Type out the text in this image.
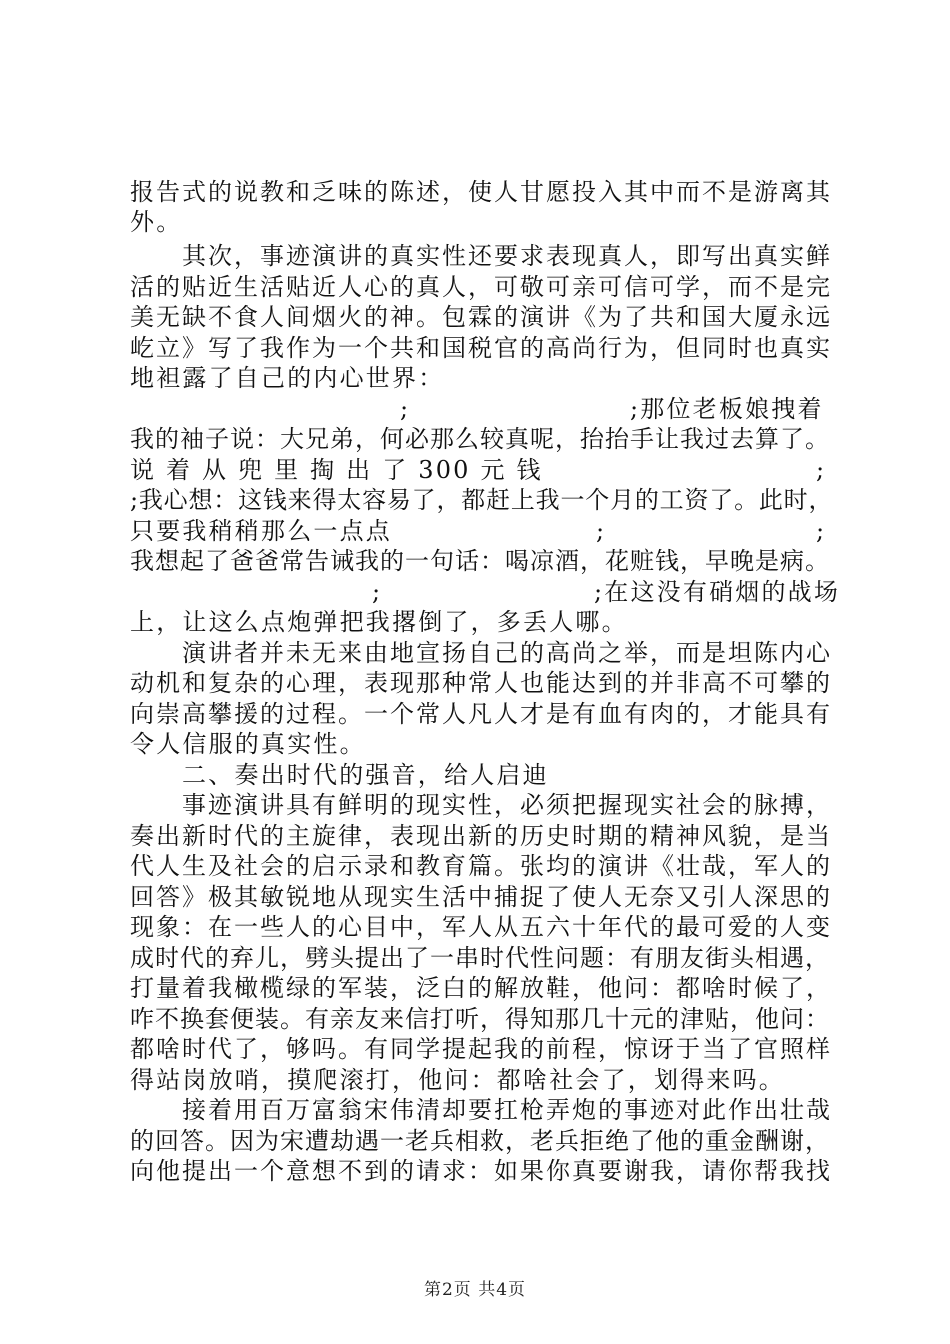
报告式的说教和乏味的陈述，使人甘愿投入其中而不是游离其
外。
其次，事迹演讲的真实性还要求表现真人，即写出真实鲜
活的贴近生活贴近人心的真人，可敬可亲可信可学，而不是完
美无缺不食人间烟火的神。包霖的演讲《为了共和国大厦永远
屹立》写了我作为一个共和国税官的高尚行为，但同时也真实
地袒露了自己的内心世界：
;	;那位老板娘拽着
我的袖子说：大兄弟，何必那么较真呢，抬抬手让我过去算了。
说 着 从 兜 里 掏 出 了 300 元 钱	;
;我心想：这钱来得太容易了，都赶上我一个月的工资了。此时，
只要我稍稍那么一点点	;	;
我想起了爸爸常告诫我的一句话：喝凉酒，花赃钱，早晚是病。
;	;在这没有硝烟的战场
上，让这么点炮弹把我撂倒了，多丢人哪。
演讲者并未无来由地宣扬自己的高尚之举，而是坦陈内心
动机和复杂的心理，表现那种常人也能达到的并非高不可攀的
向崇高攀援的过程。一个常人凡人才是有血有肉的，才能具有
令人信服的真实性。
二、奏出时代的强音，给人启迪
事迹演讲具有鲜明的现实性，必须把握现实社会的脉搏，
奏出新时代的主旋律，表现出新的历史时期的精神风貌，是当
代人生及社会的启示录和教育篇。张均的演讲《壮哉，军人的
回答》极其敏锐地从现实生活中捕捉了使人无奈又引人深思的
现象：在一些人的心目中，军人从五六十年代的最可爱的人变
成时代的弃儿，劈头提出了一串时代性问题：有朋友街头相遇，
打量着我橄榄绿的军装，泛白的解放鞋，他问：都啥时候了，
咋不换套便装。有亲友来信打听，得知那几十元的津贴，他问：
都啥时代了，够吗。有同学提起我的前程，惊讶于当了官照样
得站岗放哨，摸爬滚打，他问：都啥社会了，划得来吗。
接着用百万富翁宋伟清却要扛枪弄炮的事迹对此作出壮哉
的回答。因为宋遭劫遇一老兵相救，老兵拒绝了他的重金酬谢，
向他提出一个意想不到的请求：如果你真要谢我，请你帮我找
第2页 共4页
